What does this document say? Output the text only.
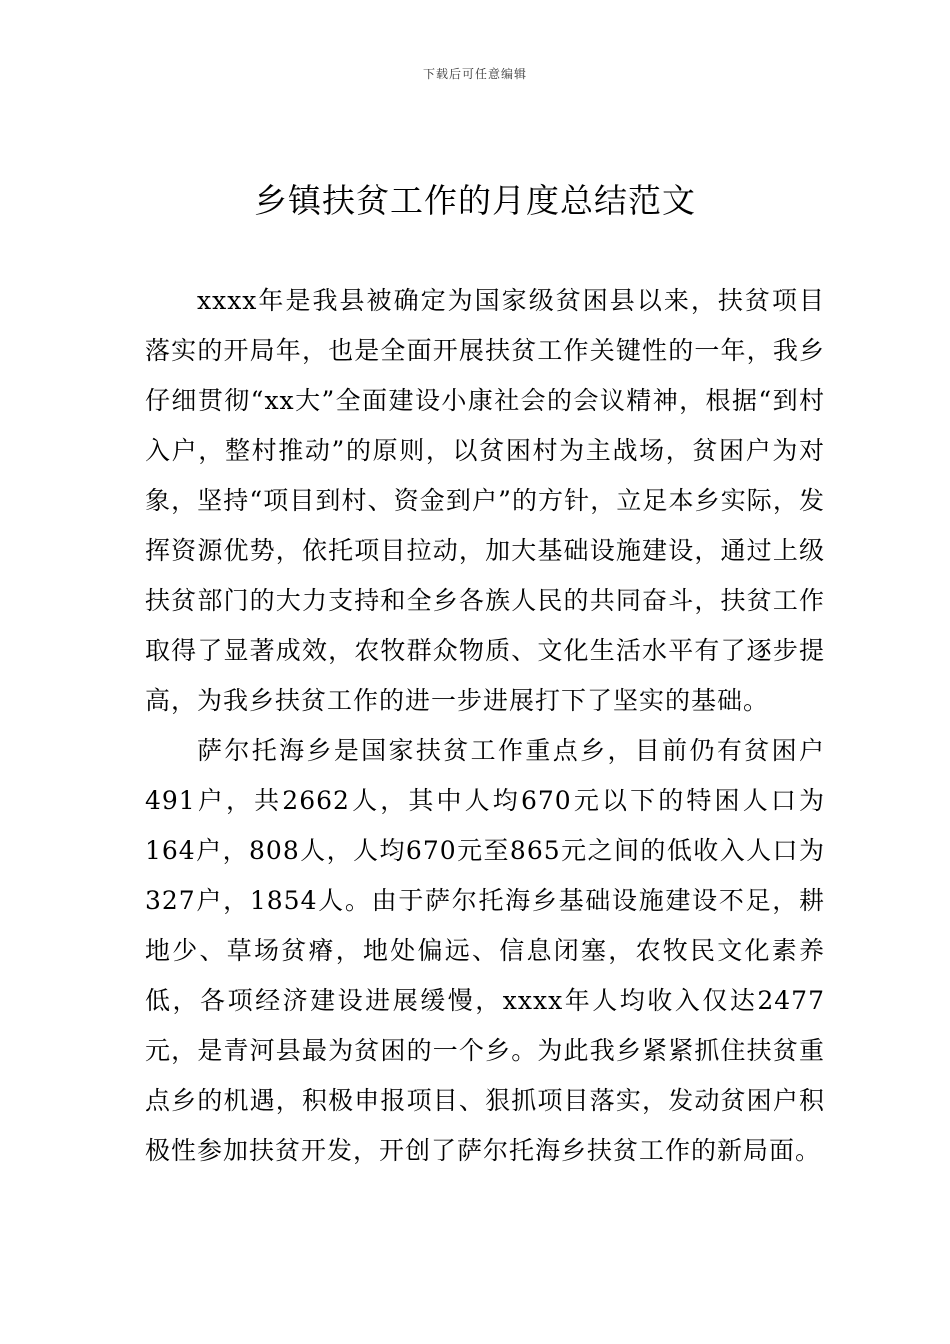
下载后可任意编辑
乡镇扶贫工作的月度总结范文

xxxx年是我县被确定为国家级贫困县以来，扶贫项目落实的开局年，也是全面开展扶贫工作关键性的一年，我乡仔细贯彻“xx大”全面建设小康社会的会议精神，根据“到村入户，整村推动”的原则，以贫困村为主战场，贫困户为对象，坚持“项目到村、资金到户”的方针，立足本乡实际，发挥资源优势，依托项目拉动，加大基础设施建设，通过上级扶贫部门的大力支持和全乡各族人民的共同奋斗，扶贫工作取得了显著成效，农牧群众物质、文化生活水平有了逐步提高，为我乡扶贫工作的进一步进展打下了坚实的基础。

萨尔托海乡是国家扶贫工作重点乡，目前仍有贫困户491户，共2662人，其中人均670元以下的特困人口为164户，808人，人均670元至865元之间的低收入人口为327户，1854人。由于萨尔托海乡基础设施建设不足，耕地少、草场贫瘠，地处偏远、信息闭塞，农牧民文化素养低，各项经济建设进展缓慢，xxxx年人均收入仅达2477元，是青河县最为贫困的一个乡。为此我乡紧紧抓住扶贫重点乡的机遇，积极申报项目、狠抓项目落实，发动贫困户积极性参加扶贫开发，开创了萨尔托海乡扶贫工作的新局面。
